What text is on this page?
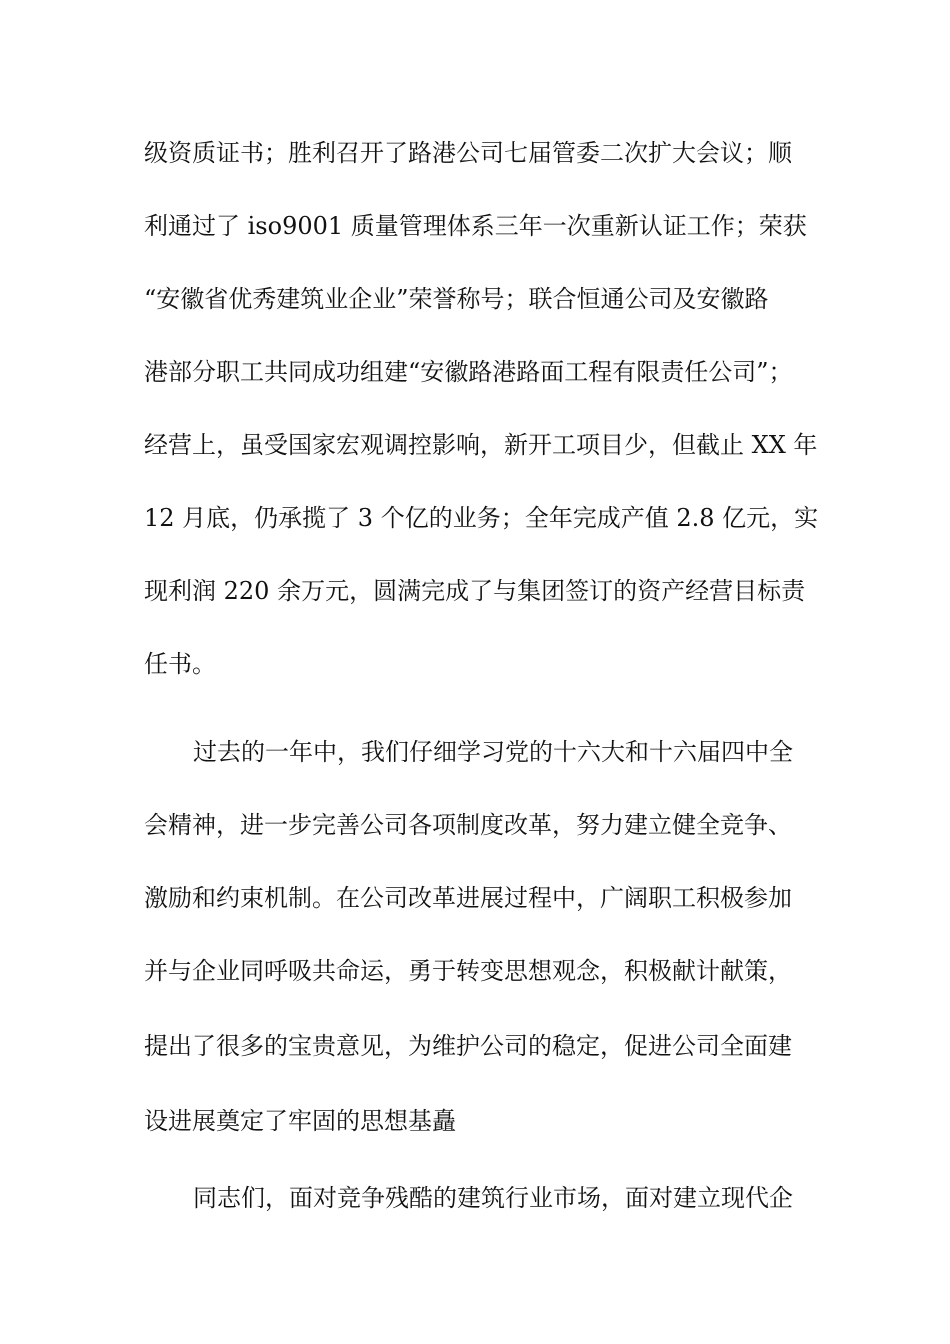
级资质证书；胜利召开了路港公司七届管委二次扩大会议；顺
利通过了 iso9001 质量管理体系三年一次重新认证工作；荣获
“安徽省优秀建筑业企业”荣誉称号；联合恒通公司及安徽路
港部分职工共同成功组建“安徽路港路面工程有限责任公司”；
经营上，虽受国家宏观调控影响，新开工项目少，但截止 XX 年
12 月底，仍承揽了 3 个亿的业务；全年完成产值 2.8 亿元，实
现利润 220 余万元，圆满完成了与集团签订的资产经营目标责
任书。
过去的一年中，我们仔细学习党的十六大和十六届四中全
会精神，进一步完善公司各项制度改革，努力建立健全竞争、
激励和约束机制。在公司改革进展过程中，广阔职工积极参加
并与企业同呼吸共命运，勇于转变思想观念，积极献计献策，
提出了很多的宝贵意见，为维护公司的稳定，促进公司全面建
设进展奠定了牢固的思想基矗
同志们，面对竞争残酷的建筑行业市场，面对建立现代企
